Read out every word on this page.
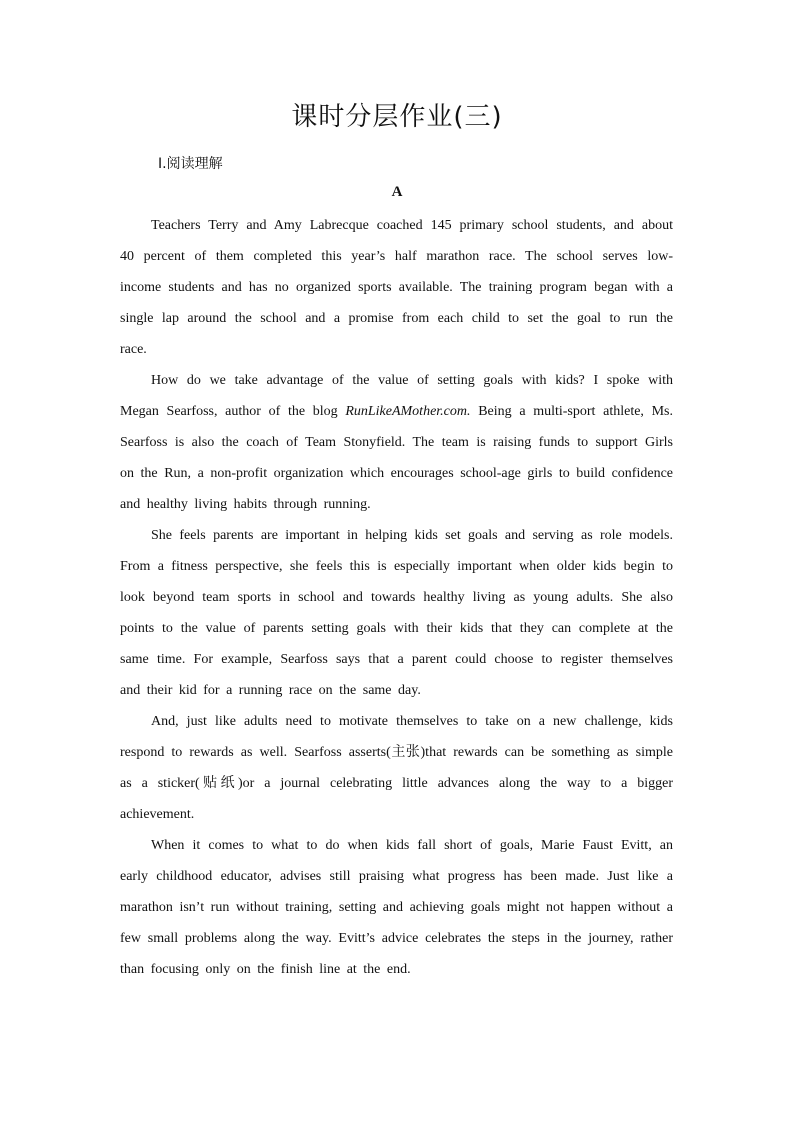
课时分层作业(三)
Ⅰ.阅读理解
A

Teachers Terry and Amy Labrecque coached 145 primary school students, and about 40 percent of them completed this year’s half marathon race. The school serves low-income students and has no organized sports available. The training program began with a single lap around the school and a promise from each child to set the goal to run the race.

How do we take advantage of the value of setting goals with kids? I spoke with Megan Searfoss, author of the blog RunLikeAMother.com. Being a multi-sport athlete, Ms. Searfoss is also the coach of Team Stonyfield. The team is raising funds to support Girls on the Run, a non-profit organization which encourages school-age girls to build confidence and healthy living habits through running.

She feels parents are important in helping kids set goals and serving as role models. From a fitness perspective, she feels this is especially important when older kids begin to look beyond team sports in school and towards healthy living as young adults. She also points to the value of parents setting goals with their kids that they can complete at the same time. For example, Searfoss says that a parent could choose to register themselves and their kid for a running race on the same day.

And, just like adults need to motivate themselves to take on a new challenge, kids respond to rewards as well. Searfoss asserts(主张)that rewards can be something as simple as a sticker(贴纸)or a journal celebrating little advances along the way to a bigger achievement.

When it comes to what to do when kids fall short of goals, Marie Faust Evitt, an early childhood educator, advises still praising what progress has been made. Just like a marathon isn’t run without training, setting and achieving goals might not happen without a few small problems along the way. Evitt’s advice celebrates the steps in the journey, rather than focusing only on the finish line at the end.
